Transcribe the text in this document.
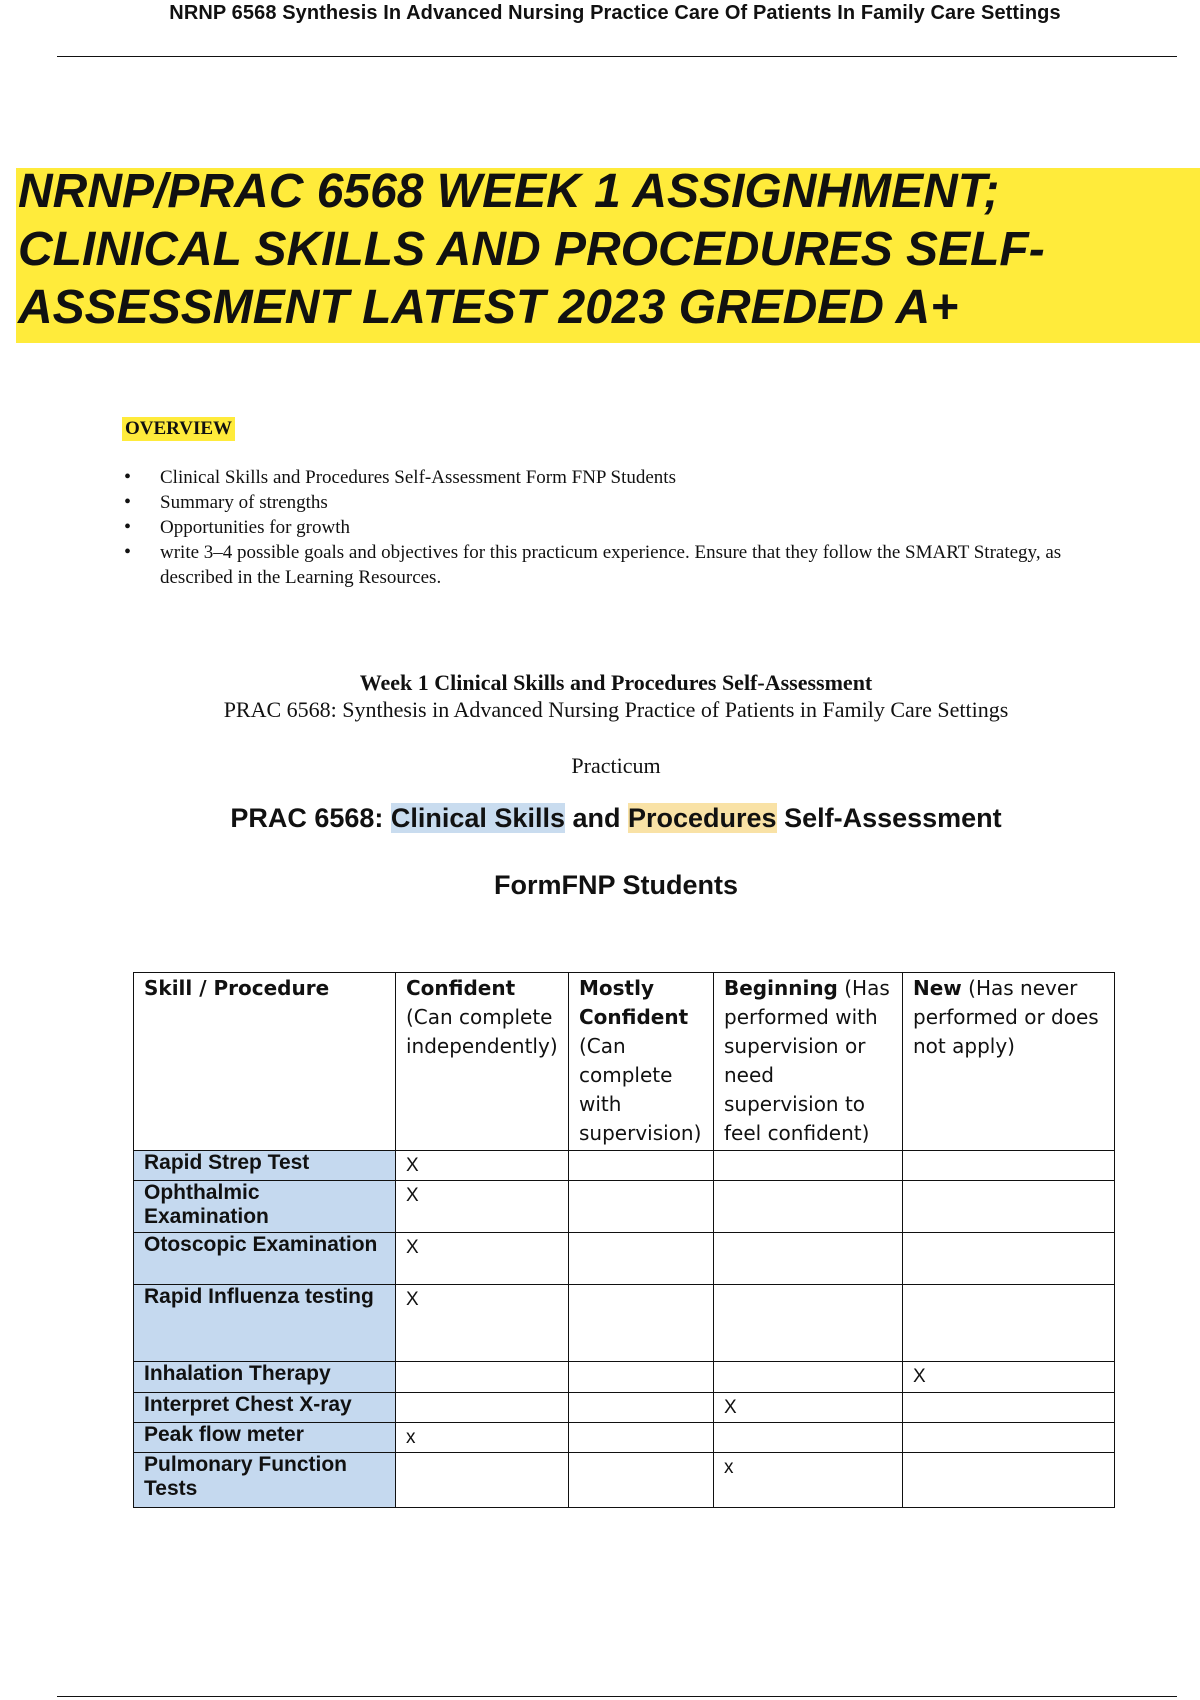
NRNP 6568 Synthesis In Advanced Nursing Practice Care Of Patients In Family Care Settings
NRNP/PRAC 6568 WEEK 1 ASSIGNHMENT;
CLINICAL SKILLS AND PROCEDURES SELF-
ASSESSMENT LATEST 2023 GREDED A+
OVERVIEW
• Clinical Skills and Procedures Self-Assessment Form FNP Students
• Summary of strengths
• Opportunities for growth
• write 3–4 possible goals and objectives for this practicum experience. Ensure that they follow the SMART Strategy, as described in the Learning Resources.
Week 1 Clinical Skills and Procedures Self-Assessment
PRAC 6568: Synthesis in Advanced Nursing Practice of Patients in Family Care Settings
Practicum
PRAC 6568: Clinical Skills and Procedures Self-Assessment
FormFNP Students
Skill / Procedure	Confident (Can complete independently)	Mostly Confident (Can complete with supervision)	Beginning (Has performed with supervision or need supervision to feel confident)	New (Has never performed or does not apply)
Rapid Strep Test	X			
Ophthalmic Examination	X			
Otoscopic Examination	X			
Rapid Influenza testing	X			
Inhalation Therapy				X
Interpret Chest X-ray			X	
Peak flow meter	x			
Pulmonary Function Tests			x	
